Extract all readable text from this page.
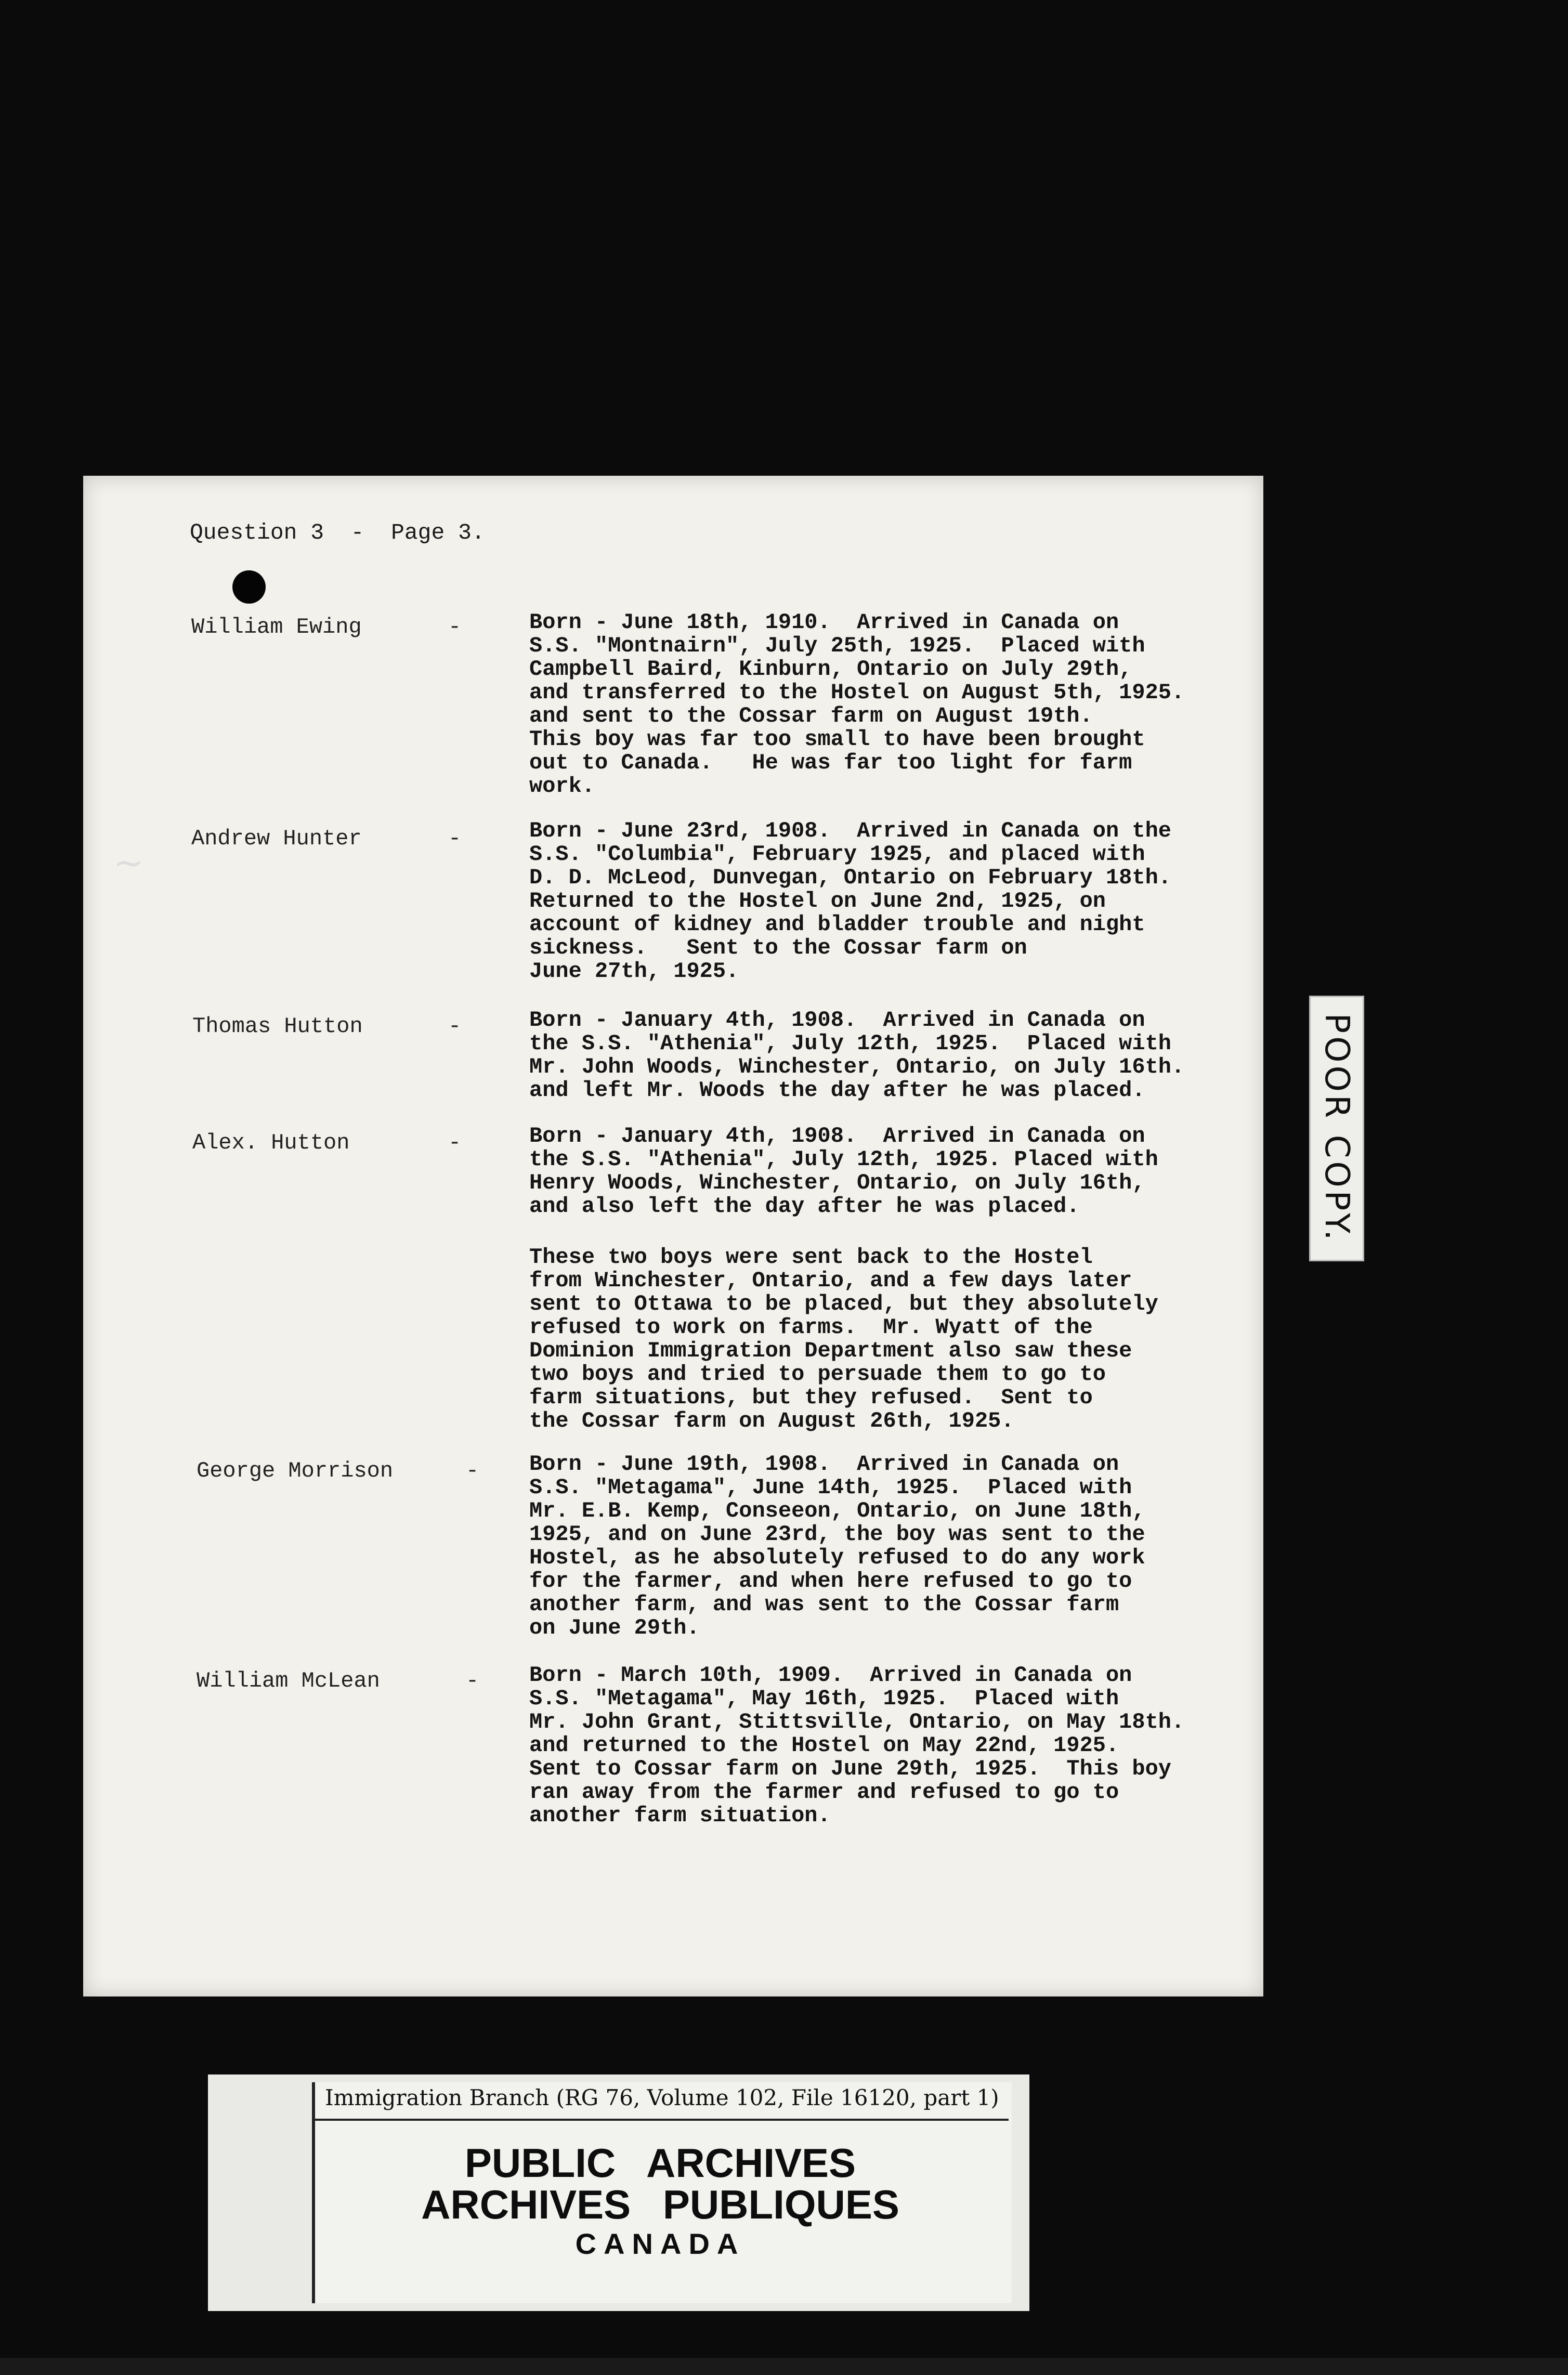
Question 3  -  Page 3.
~
William Ewing	-	Born - June 18th, 1910.  Arrived in Canada on
S.S. "Montnairn", July 25th, 1925.  Placed with
Campbell Baird, Kinburn, Ontario on July 29th,
and transferred to the Hostel on August 5th, 1925.
and sent to the Cossar farm on August 19th.
This boy was far too small to have been brought
out to Canada.   He was far too light for farm
work.
Andrew Hunter	-	Born - June 23rd, 1908.  Arrived in Canada on the
S.S. "Columbia", February 1925, and placed with
D. D. McLeod, Dunvegan, Ontario on February 18th.
Returned to the Hostel on June 2nd, 1925, on
account of kidney and bladder trouble and night
sickness.   Sent to the Cossar farm on
June 27th, 1925.
Thomas Hutton	-	Born - January 4th, 1908.  Arrived in Canada on
the S.S. "Athenia", July 12th, 1925.  Placed with
Mr. John Woods, Winchester, Ontario, on July 16th.
and left Mr. Woods the day after he was placed.
Alex. Hutton	-	Born - January 4th, 1908.  Arrived in Canada on
the S.S. "Athenia", July 12th, 1925. Placed with
Henry Woods, Winchester, Ontario, on July 16th,
and also left the day after he was placed.
These two boys were sent back to the Hostel
from Winchester, Ontario, and a few days later
sent to Ottawa to be placed, but they absolutely
refused to work on farms.  Mr. Wyatt of the
Dominion Immigration Department also saw these
two boys and tried to persuade them to go to
farm situations, but they refused.  Sent to
the Cossar farm on August 26th, 1925.
George Morrison	- Born - June 19th, 1908.  Arrived in Canada on
S.S. "Metagama", June 14th, 1925.  Placed with
Mr. E.B. Kemp, Conseeon, Ontario, on June 18th,
1925, and on June 23rd, the boy was sent to the
Hostel, as he absolutely refused to do any work
for the farmer, and when here refused to go to
another farm, and was sent to the Cossar farm
on June 29th.
William McLean	- Born - March 10th, 1909.  Arrived in Canada on
S.S. "Metagama", May 16th, 1925.  Placed with
Mr. John Grant, Stittsville, Ontario, on May 18th.
and returned to the Hostel on May 22nd, 1925.
Sent to Cossar farm on June 29th, 1925.  This boy
ran away from the farmer and refused to go to
another farm situation.
POOR COPY.
Immigration Branch (RG 76, Volume 102, File 16120, part 1)
PUBLIC ARCHIVES
ARCHIVES PUBLIQUES
CANADA
